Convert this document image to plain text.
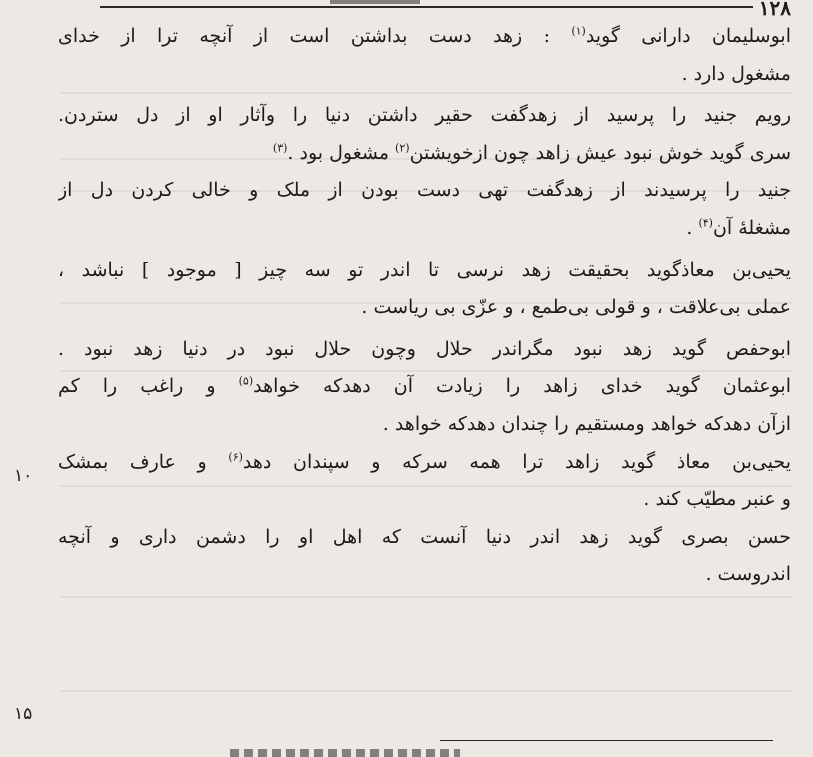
۱۲۸
ابوسلیمان دارانی گوید$^{(۱)}$ : زهد دست بداشتن است از آنچه ترا از خدای
مشغول دارد .
رویم جنید را پرسید از زهدگفت حقیر داشتن دنیا را وآثار او از دل ستردن.
سری گوید خوش نبود عیش زاهد چون ازخویشتن$^{(۲)}$ مشغول بود .$^{(۳)}$
جنید را پرسیدند از زهدگفت تهی دست بودن از ملک و خالی کردن دل از
مشغلهٔ آن$^{(۴)}$ .
یحیی‌بن معاذگوید بحقیقت زهد نرسی تا اندر تو سه چیز [ موجود ] نباشد ،
عملی بی‌علاقت ، و قولی بی‌طمع ، و عزّی بی ریاست .
ابوحفص گوید زهد نبود مگراندر حلال وچون حلال نبود در دنیا زهد نبود .
ابوعثمان گوید خدای زاهد را زیادت آن دهدکه خواهد$^{(۵)}$ و راغب را کم
ازآن دهدکه خواهد ومستقیم را چندان دهدکه خواهد .
یحیی‌بن معاذ گوید زاهد ترا همه سرکه و سپندان دهد$^{(۶)}$ و عارف بمشک
و عنبر مطیّب کند .
حسن بصری گوید زهد اندر دنیا آنست که اهل او را دشمن داری و آنچه
اندروست .
۱۰
۱۵
